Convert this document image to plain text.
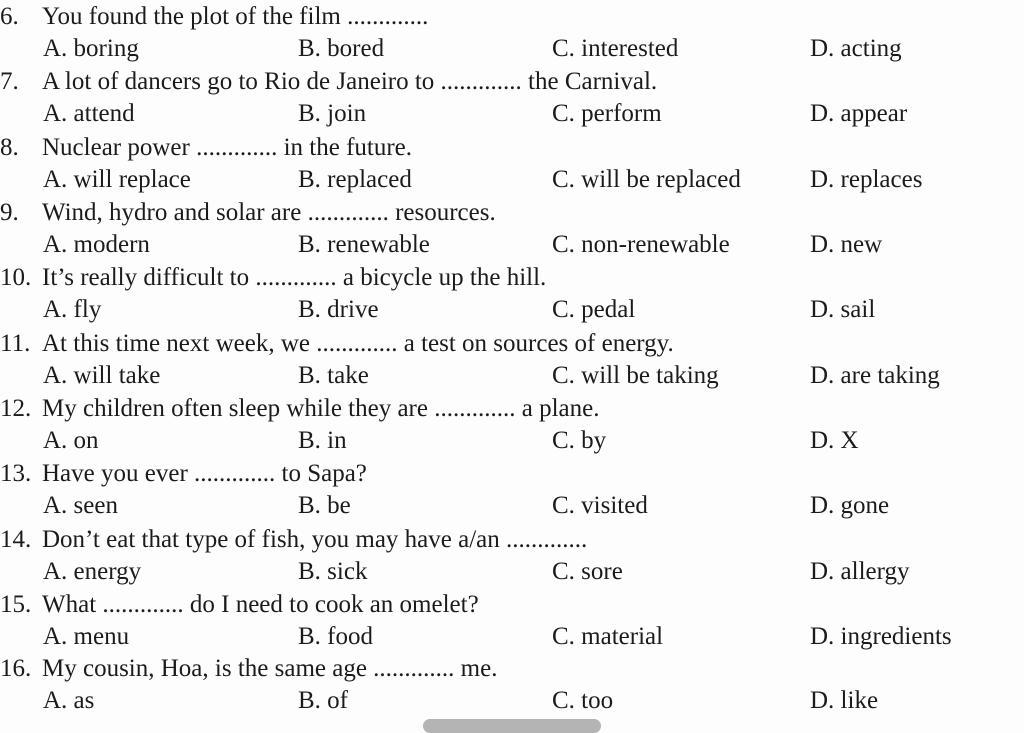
6. You found the plot of the film .............
A. boring	B. bored	C. interested	D. acting
7. A lot of dancers go to Rio de Janeiro to ............. the Carnival.
A. attend	B. join	C. perform	D. appear
8. Nuclear power ............. in the future.
A. will replace	B. replaced	C. will be replaced	D. replaces
9. Wind, hydro and solar are ............. resources.
A. modern	B. renewable	C. non-renewable	D. new
10. It’s really difficult to ............. a bicycle up the hill.
A. fly	B. drive	C. pedal	D. sail
11. At this time next week, we ............. a test on sources of energy.
A. will take	B. take	C. will be taking	D. are taking
12. My children often sleep while they are ............. a plane.
A. on	B. in	C. by	D. X
13. Have you ever ............. to Sapa?
A. seen	B. be	C. visited	D. gone
14. Don’t eat that type of fish, you may have a/an .............
A. energy	B. sick	C. sore	D. allergy
15. What ............. do I need to cook an omelet?
A. menu	B. food	C. material	D. ingredients
16. My cousin, Hoa, is the same age ............. me.
A. as	B. of	C. too	D. like
